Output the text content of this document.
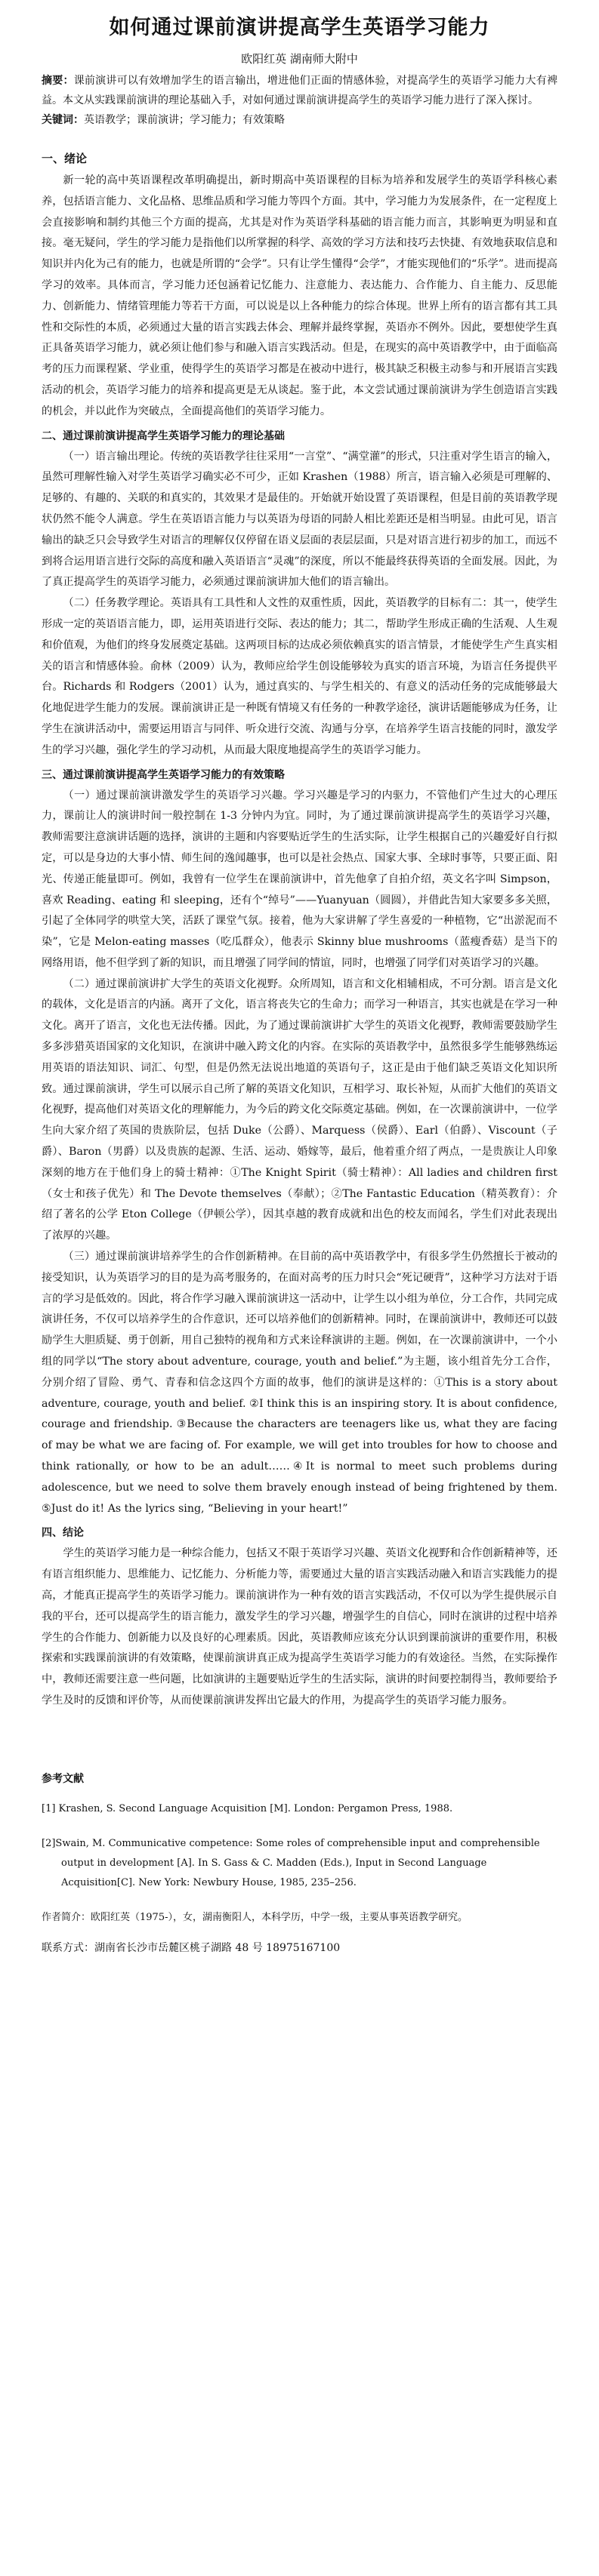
如何通过课前演讲提高学生英语学习能力
欧阳红英 湖南师大附中

摘要：课前演讲可以有效增加学生的语言输出，增进他们正面的情感体验，对提高学生的英语学习能力大有裨益。本文从实践课前演讲的理论基础入手，对如何通过课前演讲提高学生的英语学习能力进行了深入探讨。

关键词：英语教学；课前演讲；学习能力；有效策略

一、绪论

新一轮的高中英语课程改革明确提出，新时期高中英语课程的目标为培养和发展学生的英语学科核心素养，包括语言能力、文化品格、思维品质和学习能力等四个方面。其中，学习能力为发展条件，在一定程度上会直接影响和制约其他三个方面的提高，尤其是对作为英语学科基础的语言能力而言，其影响更为明显和直接。毫无疑问，学生的学习能力是指他们以所掌握的科学、高效的学习方法和技巧去快捷、有效地获取信息和知识并内化为己有的能力，也就是所谓的“会学”。只有让学生懂得“会学”，才能实现他们的“乐学”。进而提高学习的效率。具体而言，学习能力还包涵着记忆能力、注意能力、表达能力、合作能力、自主能力、反思能力、创新能力、情绪管理能力等若干方面，可以说是以上各种能力的综合体现。世界上所有的语言都有其工具性和交际性的本质，必须通过大量的语言实践去体会、理解并最终掌握，英语亦不例外。因此，要想使学生真正具备英语学习能力，就必须让他们参与和融入语言实践活动。但是，在现实的高中英语教学中，由于面临高考的压力而课程紧、学业重，使得学生的英语学习都是在被动中进行，极其缺乏积极主动参与和开展语言实践活动的机会，英语学习能力的培养和提高更是无从谈起。鉴于此，本文尝试通过课前演讲为学生创造语言实践的机会，并以此作为突破点，全面提高他们的英语学习能力。

二、通过课前演讲提高学生英语学习能力的理论基础

（一）语言输出理论。传统的英语教学往往采用“一言堂”、“满堂灌”的形式，只注重对学生语言的输入，虽然可理解性输入对学生英语学习确实必不可少，正如 Krashen（1988）所言，语言输入必须是可理解的、足够的、有趣的、关联的和真实的，其效果才是最佳的。开始就开始设置了英语课程，但是目前的英语教学现状仍然不能令人满意。学生在英语语言能力与以英语为母语的同龄人相比差距还是相当明显。由此可见，语言输出的缺乏只会导致学生对语言的理解仅仅停留在语义层面的表层层面，只是对语言进行初步的加工，而远不到将合运用语言进行交际的高度和融入英语语言“灵魂”的深度，所以不能最终获得英语的全面发展。因此，为了真正提高学生的英语学习能力，必须通过课前演讲加大他们的语言输出。

（二）任务教学理论。英语具有工具性和人文性的双重性质，因此，英语教学的目标有二：其一，使学生形成一定的英语语言能力，即，运用英语进行交际、表达的能力；其二，帮助学生形成正确的生活观、人生观和价值观，为他们的终身发展奠定基础。这两项目标的达成必须依赖真实的语言情景，才能使学生产生真实相关的语言和情感体验。俞林（2009）认为，教师应给学生创设能够较为真实的语言环境，为语言任务提供平台。Richards 和 Rodgers（2001）认为，通过真实的、与学生相关的、有意义的活动任务的完成能够最大化地促进学生能力的发展。课前演讲正是一种既有情境又有任务的一种教学途径，演讲话题能够成为任务，让学生在演讲活动中，需要运用语言与同伴、听众进行交流、沟通与分享，在培养学生语言技能的同时，激发学生的学习兴趣，强化学生的学习动机，从而最大限度地提高学生的英语学习能力。

三、通过课前演讲提高学生英语学习能力的有效策略

（一）通过课前演讲激发学生的英语学习兴趣。学习兴趣是学习的内驱力，不管他们产生过大的心理压力，课前让人的演讲时间一般控制在 1-3 分钟内为宜。同时，为了通过课前演讲提高学生的英语学习兴趣，教师需要注意演讲话题的选择，演讲的主题和内容要贴近学生的生活实际，让学生根据自己的兴趣爱好自行拟定，可以是身边的大事小情、师生间的逸闻趣事，也可以是社会热点、国家大事、全球时事等，只要正面、阳光、传递正能量即可。例如，我曾有一位学生在课前演讲中，首先他拿了自拍介绍，英文名字叫 Simpson，喜欢 Reading、eating 和 sleeping，还有个“绰号”——Yuanyuan（圆圆），并借此告知大家要多多关照，引起了全体同学的哄堂大笑，活跃了课堂气氛。接着，他为大家讲解了学生喜爱的一种植物，它“出淤泥而不染”，它是 Melon-eating masses（吃瓜群众），他表示 Skinny blue mushrooms（蓝瘦香菇）是当下的网络用语，他不但学到了新的知识，而且增强了同学间的情谊，同时，也增强了同学们对英语学习的兴趣。

（二）通过课前演讲扩大学生的英语文化视野。众所周知，语言和文化相辅相成，不可分割。语言是文化的载体，文化是语言的内涵。离开了文化，语言将丧失它的生命力；而学习一种语言，其实也就是在学习一种文化。离开了语言，文化也无法传播。因此，为了通过课前演讲扩大学生的英语文化视野，教师需要鼓励学生多多涉猎英语国家的文化知识，在演讲中融入跨文化的内容。在实际的英语教学中，虽然很多学生能够熟练运用英语的语法知识、词汇、句型，但是仍然无法说出地道的英语句子，这正是由于他们缺乏英语文化知识所致。通过课前演讲，学生可以展示自己所了解的英语文化知识，互相学习、取长补短，从而扩大他们的英语文化视野，提高他们对英语文化的理解能力，为今后的跨文化交际奠定基础。例如，在一次课前演讲中，一位学生向大家介绍了英国的贵族阶层，包括 Duke（公爵）、Marquess（侯爵）、Earl（伯爵）、Viscount（子爵）、Baron（男爵）以及贵族的起源、生活、运动、婚嫁等，最后，他着重介绍了两点，一是贵族让人印象深刻的地方在于他们身上的骑士精神：①The Knight Spirit（骑士精神）：All ladies and children first（女士和孩子优先）和 The Devote themselves（奉献）；②The Fantastic Education（精英教育）：介绍了著名的公学 Eton College（伊顿公学），因其卓越的教育成就和出色的校友而闻名，学生们对此表现出了浓厚的兴趣。

（三）通过课前演讲培养学生的合作创新精神。在目前的高中英语教学中，有很多学生仍然擅长于被动的接受知识，认为英语学习的目的是为高考服务的，在面对高考的压力时只会“死记硬背”，这种学习方法对于语言的学习是低效的。因此，将合作学习融入课前演讲这一活动中，让学生以小组为单位，分工合作，共同完成演讲任务，不仅可以培养学生的合作意识，还可以培养他们的创新精神。同时，在课前演讲中，教师还可以鼓励学生大胆质疑、勇于创新，用自己独特的视角和方式来诠释演讲的主题。例如，在一次课前演讲中，一个小组的同学以“The story about adventure, courage, youth and belief.”为主题，该小组首先分工合作，分别介绍了冒险、勇气、青春和信念这四个方面的故事，他们的演讲是这样的：①This is a story about adventure, courage, youth and belief. ②I think this is an inspiring story. It is about confidence, courage and friendship. ③Because the characters are teenagers like us, what they are facing of may be what we are facing of. For example, we will get into troubles for how to choose and think rationally, or how to be an adult……④It is normal to meet such problems during adolescence, but we need to solve them bravely enough instead of being frightened by them. ⑤Just do it! As the lyrics sing, “Believing in your heart!”

四、结论

学生的英语学习能力是一种综合能力，包括又不限于英语学习兴趣、英语文化视野和合作创新精神等，还有语言组织能力、思维能力、记忆能力、分析能力等，需要通过大量的语言实践活动融入和语言实践能力的提高，才能真正提高学生的英语学习能力。课前演讲作为一种有效的语言实践活动，不仅可以为学生提供展示自我的平台，还可以提高学生的语言能力，激发学生的学习兴趣，增强学生的自信心，同时在演讲的过程中培养学生的合作能力、创新能力以及良好的心理素质。因此，英语教师应该充分认识到课前演讲的重要作用，积极探索和实践课前演讲的有效策略，使课前演讲真正成为提高学生英语学习能力的有效途径。当然，在实际操作中，教师还需要注意一些问题，比如演讲的主题要贴近学生的生活实际，演讲的时间要控制得当，教师要给予学生及时的反馈和评价等，从而使课前演讲发挥出它最大的作用，为提高学生的英语学习能力服务。

参考文献

[1] Krashen, S. Second Language Acquisition [M]. London: Pergamon Press, 1988.

[2]Swain, M. Communicative competence: Some roles of comprehensible input and comprehensible output in development [A]. In S. Gass & C. Madden (Eds.), Input in Second Language Acquisition[C]. New York: Newbury House, 1985, 235–256.

作者简介：欧阳红英（1975-），女，湖南衡阳人，本科学历，中学一级，主要从事英语教学研究。

联系方式：湖南省长沙市岳麓区桃子湖路 48 号 18975167100
